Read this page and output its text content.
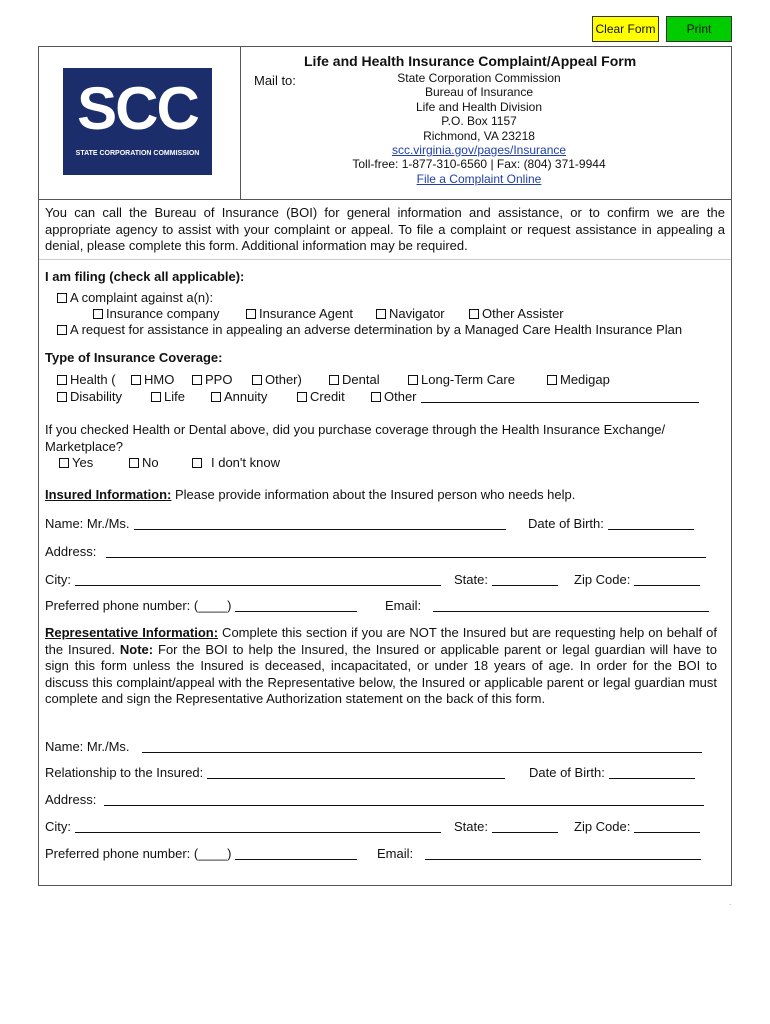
Clear Form	Print
SCC
STATE CORPORATION COMMISSION
Life and Health Insurance Complaint/Appeal Form
Mail to:	State Corporation Commission
Bureau of Insurance
Life and Health Division
P.O. Box 1157
Richmond, VA 23218
scc.virginia.gov/pages/Insurance
Toll-free: 1-877-310-6560 | Fax: (804) 371-9944
File a Complaint Online
You can call the Bureau of Insurance (BOI) for general information and assistance, or to confirm we are the appropriate agency to assist with your complaint or appeal. To file a complaint or request assistance in appealing a denial, please complete this form. Additional information may be required.
I am filing (check all applicable):
A complaint against a(n):
Insurance company	Insurance Agent	Navigator	Other Assister
A request for assistance in appealing an adverse determination by a Managed Care Health Insurance Plan
Type of Insurance Coverage:
Health (	HMO	PPO	Other)	Dental	Long-Term Care	Medigap
Disability	Life	Annuity	Credit	Other
If you checked Health or Dental above, did you purchase coverage through the Health Insurance Exchange/ Marketplace?
Yes	No	I don't know
Insured Information: Please provide information about the Insured person who needs help.
Name: Mr./Ms.	Date of Birth:
Address:
City:	State:	Zip Code:
Preferred phone number: (____)	Email:
Representative Information: Complete this section if you are NOT the Insured but are requesting help on behalf of the Insured. Note: For the BOI to help the Insured, the Insured or applicable parent or legal guardian will have to sign this form unless the Insured is deceased, incapacitated, or under 18 years of age. In order for the BOI to discuss this complaint/appeal with the Representative below, the Insured or applicable parent or legal guardian must complete and sign the Representative Authorization statement on the back of this form.
Name: Mr./Ms.
Relationship to the Insured:	Date of Birth:
Address:
City:	State:	Zip Code:
Preferred phone number: (____)	Email:
.
